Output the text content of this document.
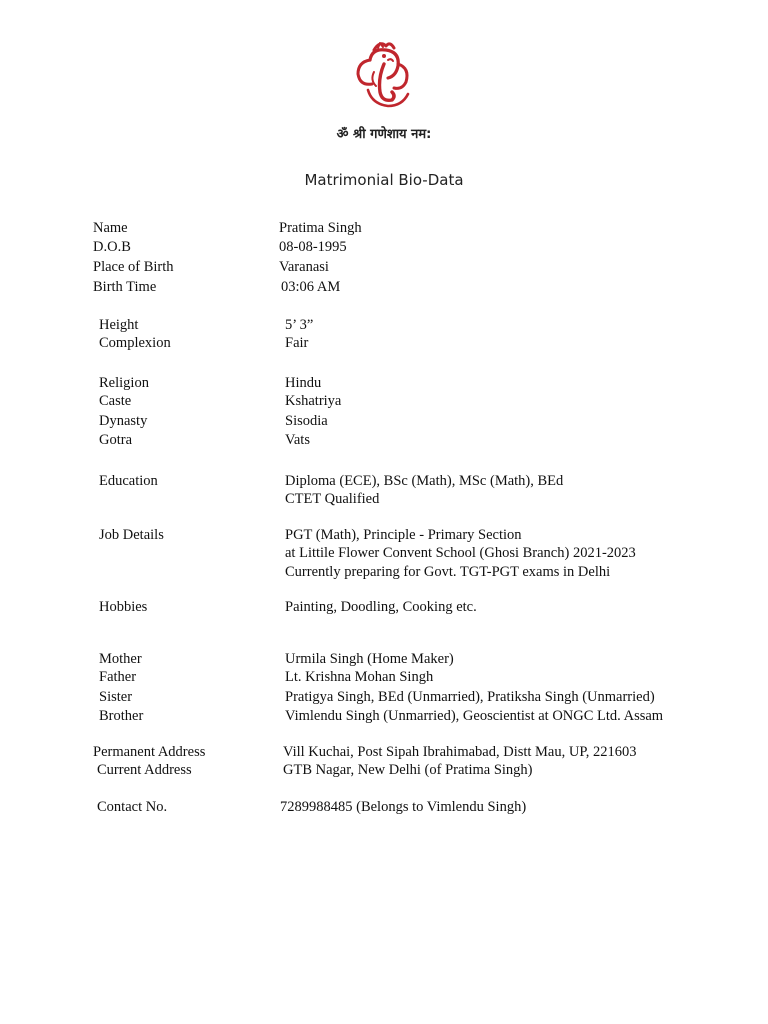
ॐ श्री गणेशाय नम:
Matrimonial Bio-Data
Name	Pratima Singh
D.O.B	08-08-1995
Place of Birth	Varanasi
Birth Time	03:06 AM
Height	5’ 3”
Complexion	Fair
Religion	Hindu
Caste	Kshatriya
Dynasty	Sisodia
Gotra	Vats
Education	Diploma (ECE), BSc (Math), MSc (Math), BEd
CTET Qualified
Job Details	PGT (Math), Principle - Primary Section
at Littile Flower Convent School (Ghosi Branch) 2021-2023
Currently preparing for Govt. TGT-PGT exams in Delhi
Hobbies	Painting, Doodling, Cooking etc.
Mother	Urmila Singh (Home Maker)
Father	Lt. Krishna Mohan Singh
Sister	Pratigya Singh, BEd (Unmarried), Pratiksha Singh (Unmarried)
Brother	Vimlendu Singh (Unmarried), Geoscientist at ONGC Ltd. Assam
Permanent Address	Vill Kuchai, Post Sipah Ibrahimabad, Distt Mau, UP, 221603
Current Address	GTB Nagar, New Delhi (of Pratima Singh)
Contact No.	7289988485 (Belongs to Vimlendu Singh)
